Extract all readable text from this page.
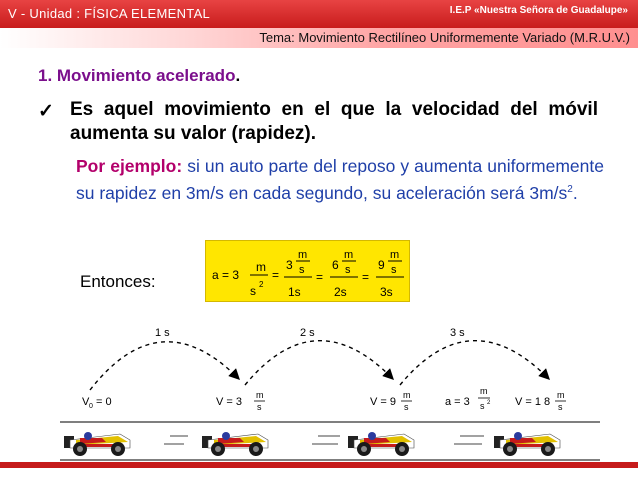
V - Unidad : FÍSICA ELEMENTAL	I.E.P «Nuestra Señora de Guadalupe»
Tema: Movimiento Rectilíneo Uniformemente Variado (M.R.U.V.)
1. Movimiento acelerado.
✓ Es aquel movimiento en el que la velocidad del móvil aumenta su valor (rapidez).
Por ejemplo: si un auto parte del reposo y aumenta uniformemente su rapidez en 3m/s en cada segundo, su aceleración será $3m/s^2$.
Entonces:	a = 3
m
s 2
=
3
m
s
1s
=
6
m
s
2s
=
9
m
s
3s
1 s	2 s	3 s
V 0 = 0	V = 3
m
s	V = 9
m
s	a = 3
m
s 2 V = 1 8
m
s
